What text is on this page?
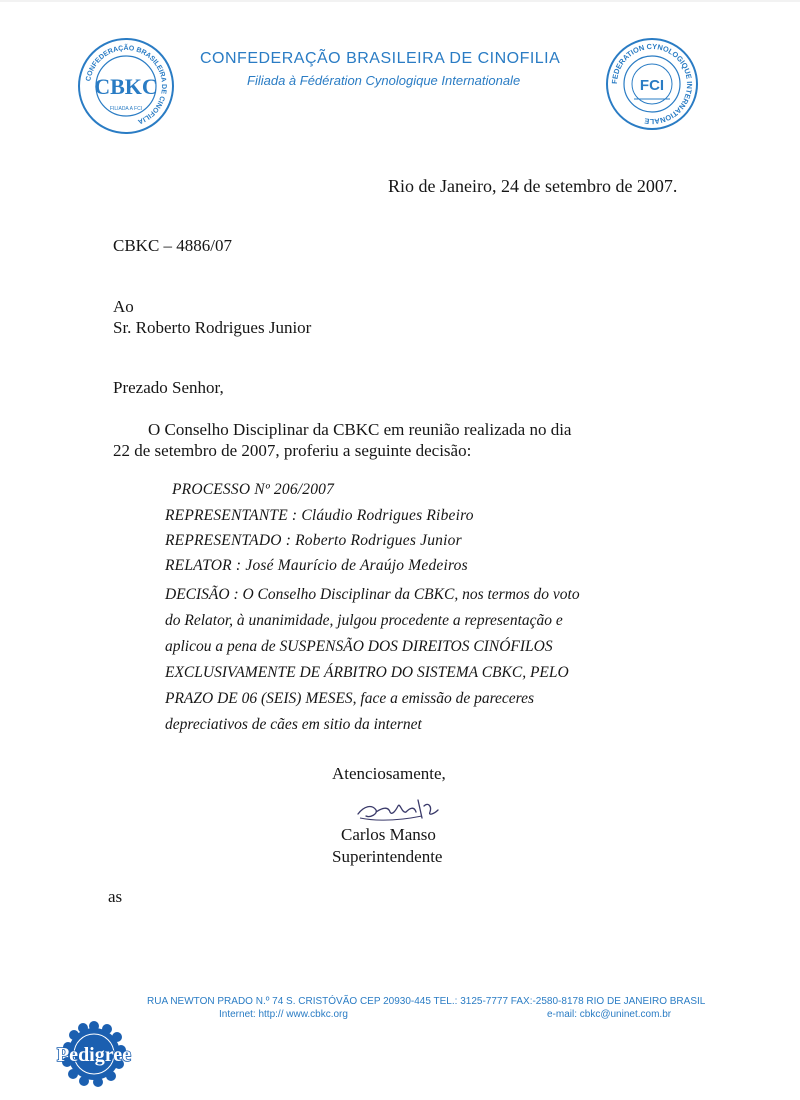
CONFEDERAÇÃO BRASILEIRA DE CINOFILIA
CBKC
FILIADA A FCI
CONFEDERAÇÃO BRASILEIRA DE CINOFILIA
Filiada à Fédération Cynologique Internationale	FEDERATION CYNOLOGIQUE INTERNATIONALE
FCI
Rio de Janeiro, 24 de setembro de 2007.
CBKC – 4886/07
Ao
Sr. Roberto Rodrigues Junior
Prezado Senhor,
O Conselho Disciplinar da CBKC em reunião realizada no dia
22 de setembro de 2007, proferiu a seguinte decisão:
PROCESSO Nº 206/2007
REPRESENTANTE : Cláudio Rodrigues Ribeiro
REPRESENTADO : Roberto Rodrigues Junior
RELATOR : José Maurício de Araújo Medeiros

DECISÃO : O Conselho Disciplinar da CBKC, nos termos do voto

do Relator, à unanimidade, julgou procedente a representação e

aplicou a pena de SUSPENSÃO DOS DIREITOS CINÓFILOS

EXCLUSIVAMENTE DE ÁRBITRO DO SISTEMA CBKC, PELO

PRAZO DE 06 (SEIS) MESES, face a emissão de pareceres

depreciativos de cães em sitio da internet

Atenciosamente,
Carlos Manso
Superintendente
as
RUA NEWTON PRADO N.º 74 S. CRISTÓVÃO CEP 20930-445 TEL.: 3125-7777 FAX:-2580-8178 RIO DE JANEIRO BRASIL
Internet: http:// www.cbkc.org	e-mail: cbkc@uninet.com.br
Pedigree
